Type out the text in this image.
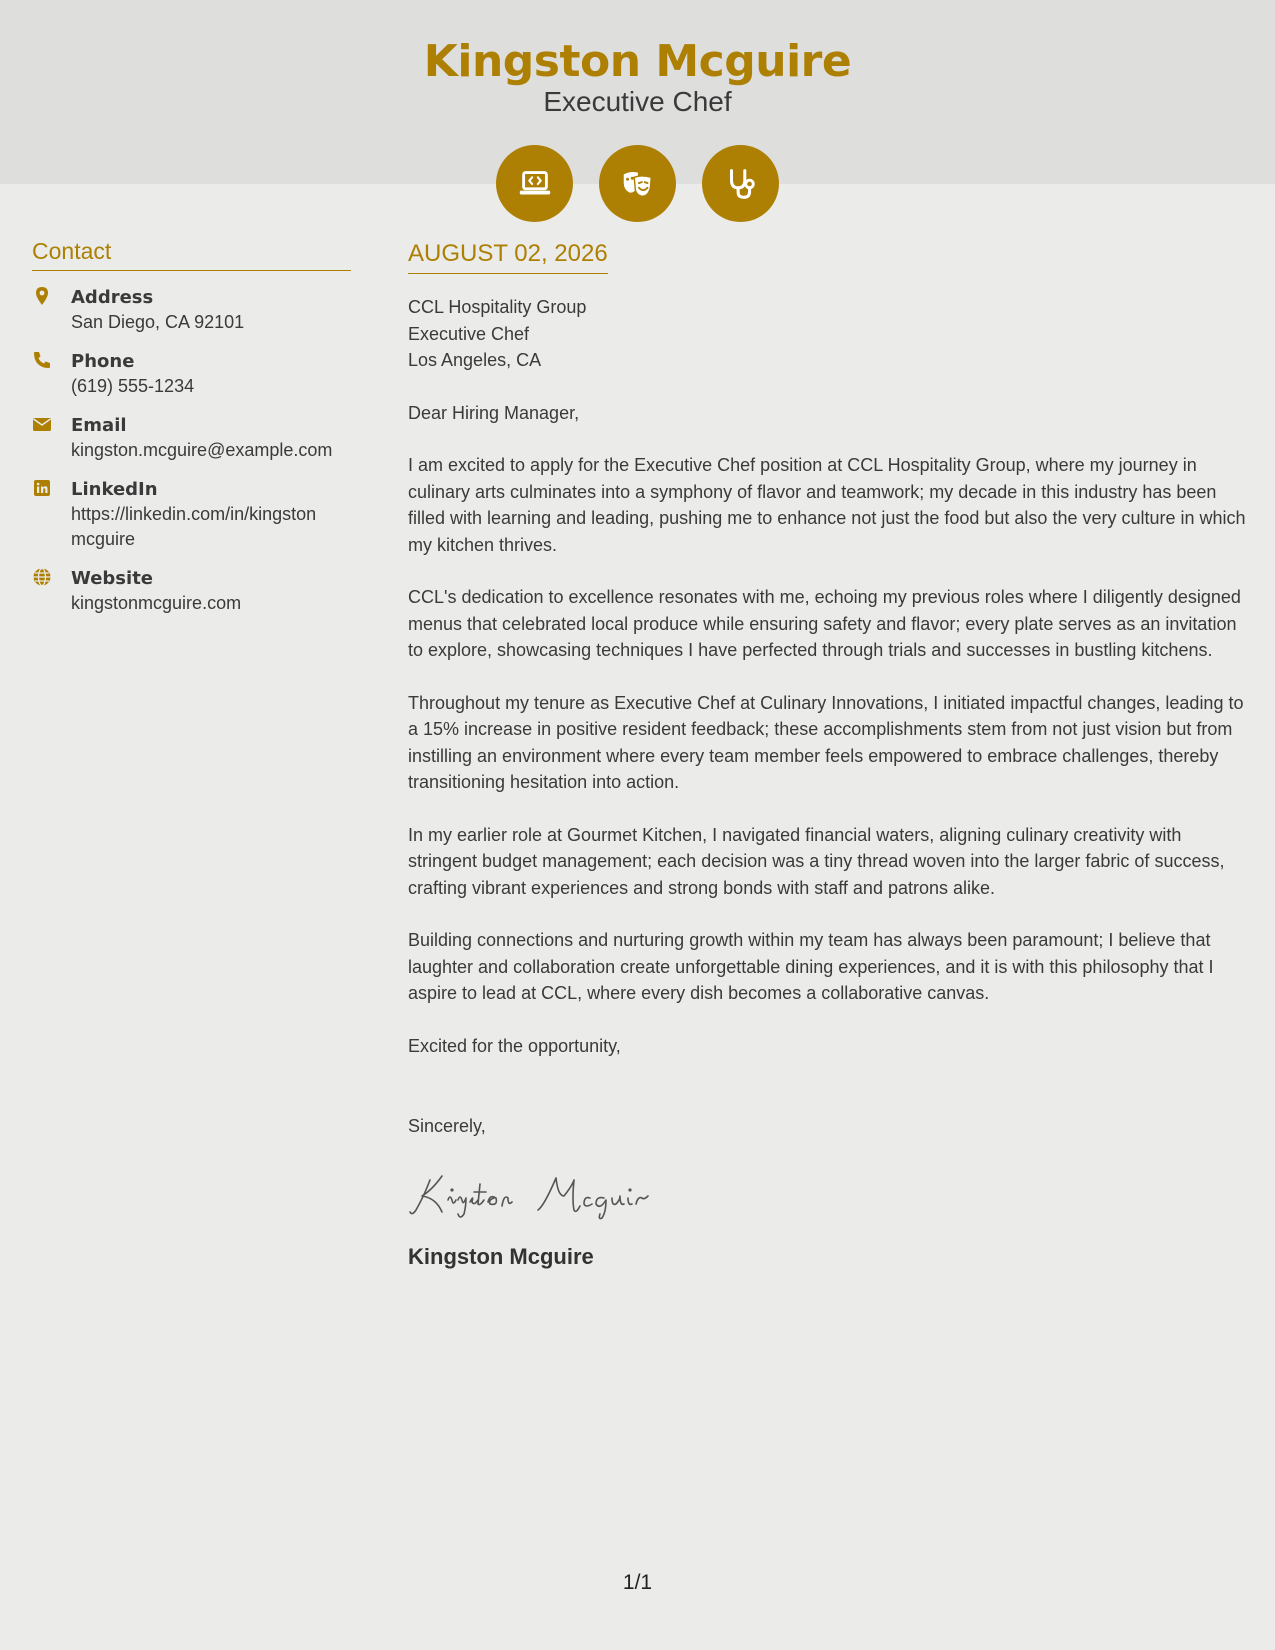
Kingston Mcguire
Executive Chef
Contact
Address
San Diego, CA 92101
Phone
(619) 555-1234
Email
kingston.mcguire@example.com
LinkedIn
https://linkedin.com/in/kingston mcguire
Website
kingstonmcguire.com
AUGUST 02, 2026
CCL Hospitality Group
Executive Chef
Los Angeles, CA

Dear Hiring Manager,

I am excited to apply for the Executive Chef position at CCL Hospitality Group, where my journey in culinary arts culminates into a symphony of flavor and teamwork; my decade in this industry has been filled with learning and leading, pushing me to enhance not just the food but also the very culture in which my kitchen thrives.

CCL's dedication to excellence resonates with me, echoing my previous roles where I diligently designed menus that celebrated local produce while ensuring safety and flavor; every plate serves as an invitation to explore, showcasing techniques I have perfected through trials and successes in bustling kitchens.

Throughout my tenure as Executive Chef at Culinary Innovations, I initiated impactful changes, leading to a 15% increase in positive resident feedback; these accomplishments stem from not just vision but from instilling an environment where every team member feels empowered to embrace challenges, thereby transitioning hesitation into action.

In my earlier role at Gourmet Kitchen, I navigated financial waters, aligning culinary creativity with stringent budget management; each decision was a tiny thread woven into the larger fabric of success, crafting vibrant experiences and strong bonds with staff and patrons alike.

Building connections and nurturing growth within my team has always been paramount; I believe that laughter and collaboration create unforgettable dining experiences, and it is with this philosophy that I aspire to lead at CCL, where every dish becomes a collaborative canvas.

Excited for the opportunity,

Sincerely,
Kingston Mcguire
1/1
